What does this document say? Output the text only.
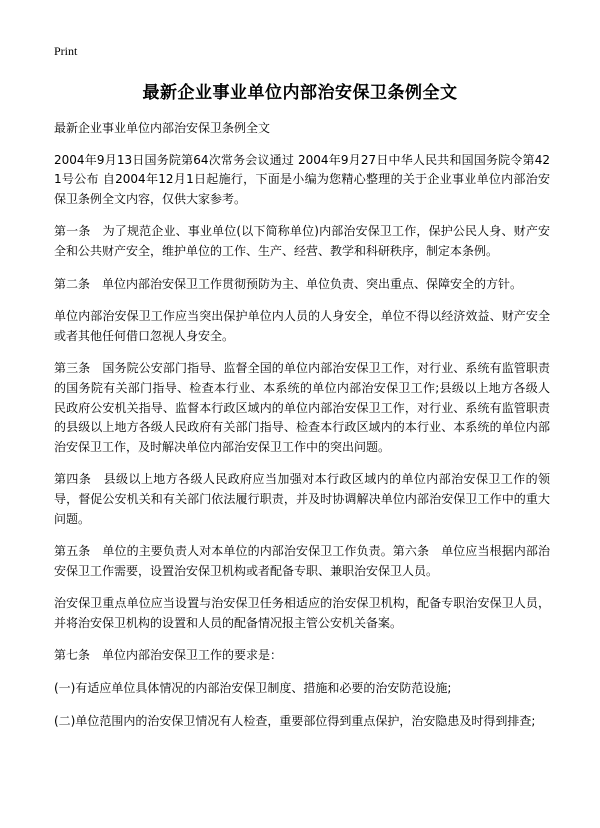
Print
最新企业事业单位内部治安保卫条例全文

最新企业事业单位内部治安保卫条例全文

2004年9月13日国务院第64次常务会议通过 2004年9月27日中华人民共和国国务院令第421号公布 自2004年12月1日起施行，下面是小编为您精心整理的关于企业事业单位内部治安保卫条例全文内容，仅供大家参考。

第一条　为了规范企业、事业单位(以下简称单位)内部治安保卫工作，保护公民人身、财产安全和公共财产安全，维护单位的工作、生产、经营、教学和科研秩序，制定本条例。

第二条　单位内部治安保卫工作贯彻预防为主、单位负责、突出重点、保障安全的方针。

单位内部治安保卫工作应当突出保护单位内人员的人身安全，单位不得以经济效益、财产安全或者其他任何借口忽视人身安全。

第三条　国务院公安部门指导、监督全国的单位内部治安保卫工作，对行业、系统有监管职责的国务院有关部门指导、检查本行业、本系统的单位内部治安保卫工作;县级以上地方各级人民政府公安机关指导、监督本行政区域内的单位内部治安保卫工作，对行业、系统有监管职责的县级以上地方各级人民政府有关部门指导、检查本行政区域内的本行业、本系统的单位内部治安保卫工作，及时解决单位内部治安保卫工作中的突出问题。

第四条　县级以上地方各级人民政府应当加强对本行政区域内的单位内部治安保卫工作的领导，督促公安机关和有关部门依法履行职责，并及时协调解决单位内部治安保卫工作中的重大问题。

第五条　单位的主要负责人对本单位的内部治安保卫工作负责。第六条　单位应当根据内部治安保卫工作需要，设置治安保卫机构或者配备专职、兼职治安保卫人员。

治安保卫重点单位应当设置与治安保卫任务相适应的治安保卫机构，配备专职治安保卫人员，并将治安保卫机构的设置和人员的配备情况报主管公安机关备案。

第七条　单位内部治安保卫工作的要求是：

(一)有适应单位具体情况的内部治安保卫制度、措施和必要的治安防范设施;

(二)单位范围内的治安保卫情况有人检查，重要部位得到重点保护，治安隐患及时得到排查;
